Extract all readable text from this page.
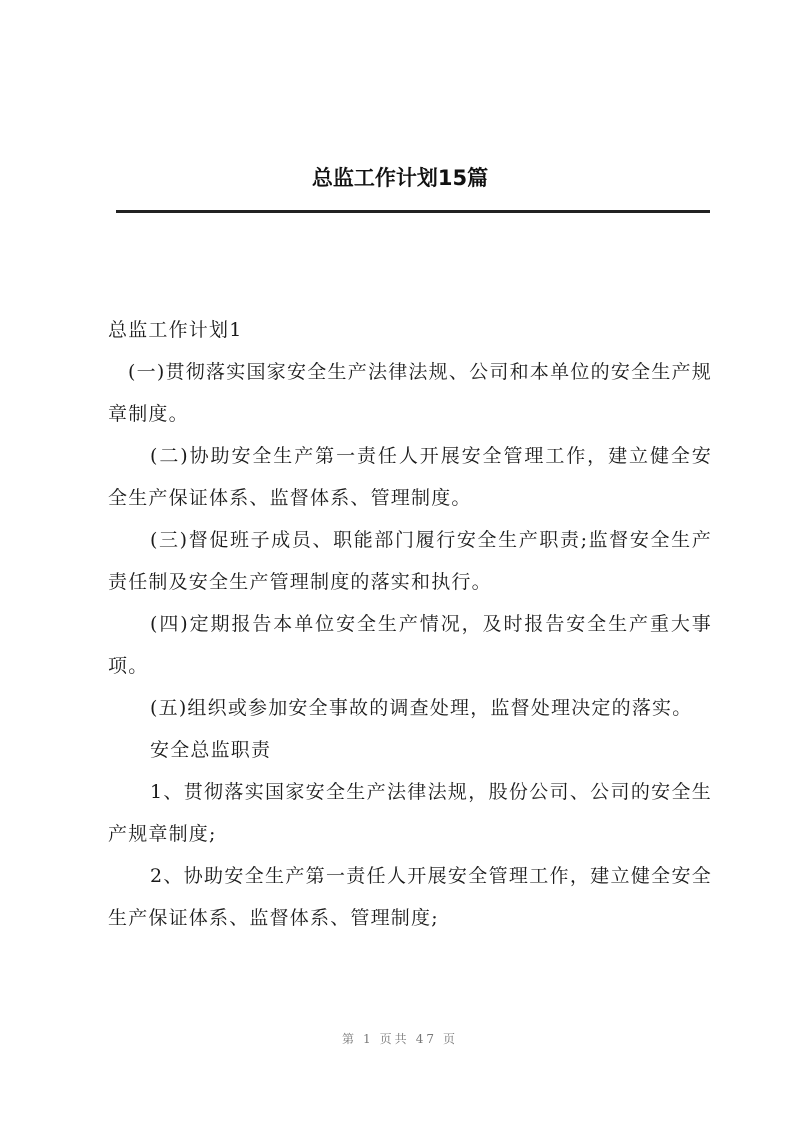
总监工作计划15篇

总监工作计划1

(一)贯彻落实国家安全生产法律法规、公司和本单位的安全生产规章制度。

(二)协助安全生产第一责任人开展安全管理工作，建立健全安全生产保证体系、监督体系、管理制度。

(三)督促班子成员、职能部门履行安全生产职责;监督安全生产责任制及安全生产管理制度的落实和执行。

(四)定期报告本单位安全生产情况，及时报告安全生产重大事项。

(五)组织或参加安全事故的调查处理，监督处理决定的落实。

安全总监职责

1、贯彻落实国家安全生产法律法规，股份公司、公司的安全生产规章制度;

2、协助安全生产第一责任人开展安全管理工作，建立健全安全生产保证体系、监督体系、管理制度;

第 1 页共 47 页
